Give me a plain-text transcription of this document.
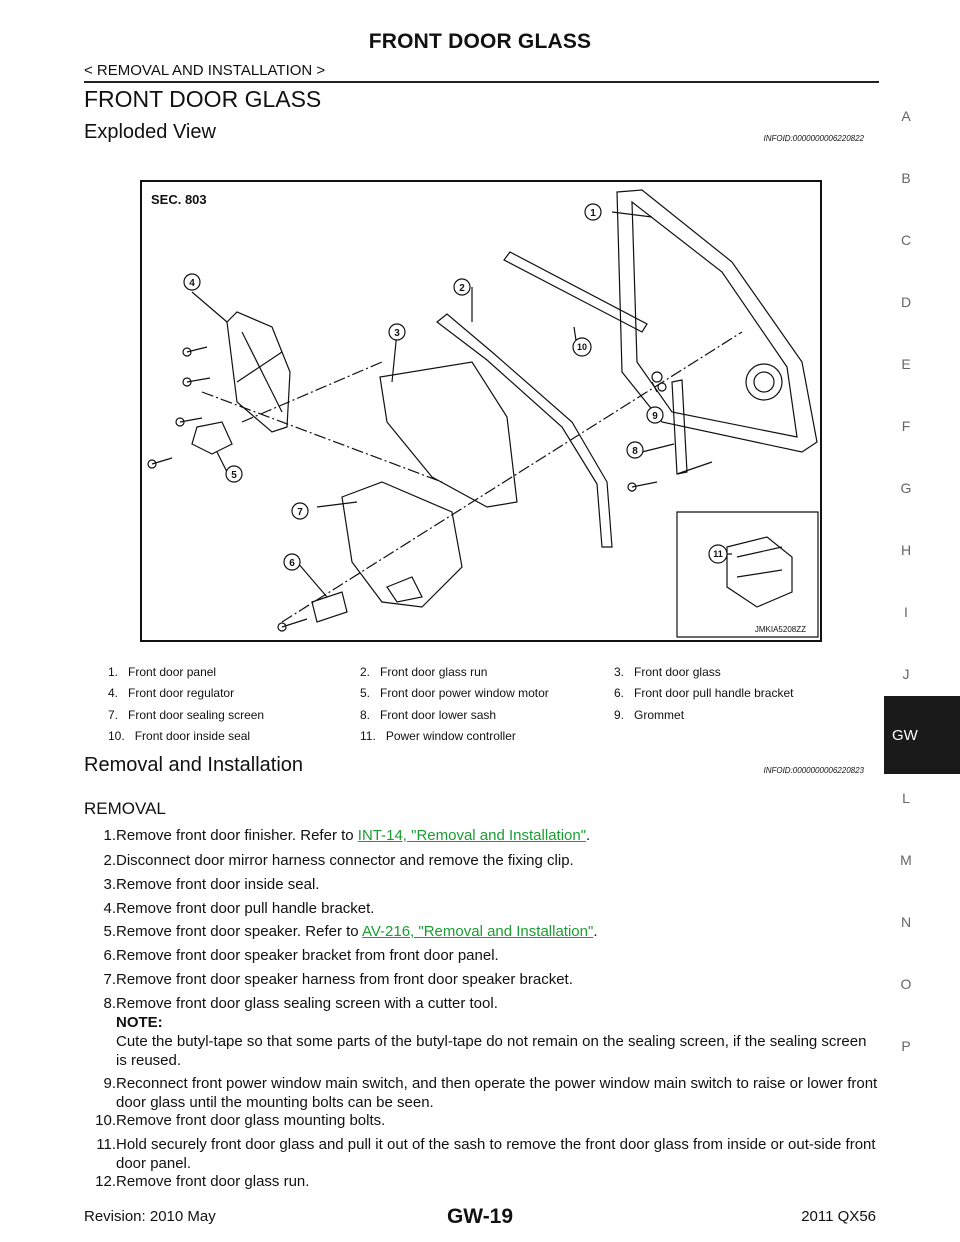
FRONT DOOR GLASS
< REMOVAL AND INSTALLATION >
FRONT DOOR GLASS
Exploded View	INFOID:0000000006220822
A
B
C
D
E
F
G
H
I
J
GW
L
M
N
O
P
1
2
3
4
5
6
7
8
9
10
11
SEC. 803
JMKIA5208ZZ
1. Front door panel	2. Front door glass run	3. Front door glass
4. Front door regulator	5. Front door power window motor	6. Front door pull handle bracket
7. Front door sealing screen	8. Front door lower sash	9. Grommet
10. Front door inside seal	11. Power window controller
Removal and Installation	INFOID:0000000006220823
REMOVAL
1. Remove front door finisher. Refer to INT-14, "Removal and Installation".
2. Disconnect door mirror harness connector and remove the fixing clip.
3. Remove front door inside seal.
4. Remove front door pull handle bracket.
5. Remove front door speaker. Refer to AV-216, "Removal and Installation".
6. Remove front door speaker bracket from front door panel.
7. Remove front door speaker harness from front door speaker bracket.
8. Remove front door glass sealing screen with a cutter tool.
NOTE:
Cute the butyl-tape so that some parts of the butyl-tape do not remain on the sealing screen, if the sealing screen is reused.
9. Reconnect front power window main switch, and then operate the power window main switch to raise or lower front door glass until the mounting bolts can be seen.
10. Remove front door glass mounting bolts.
11. Hold securely front door glass and pull it out of the sash to remove the front door glass from inside or out-side front door panel.
12. Remove front door glass run.
Revision: 2010 May	GW-19	2011 QX56
